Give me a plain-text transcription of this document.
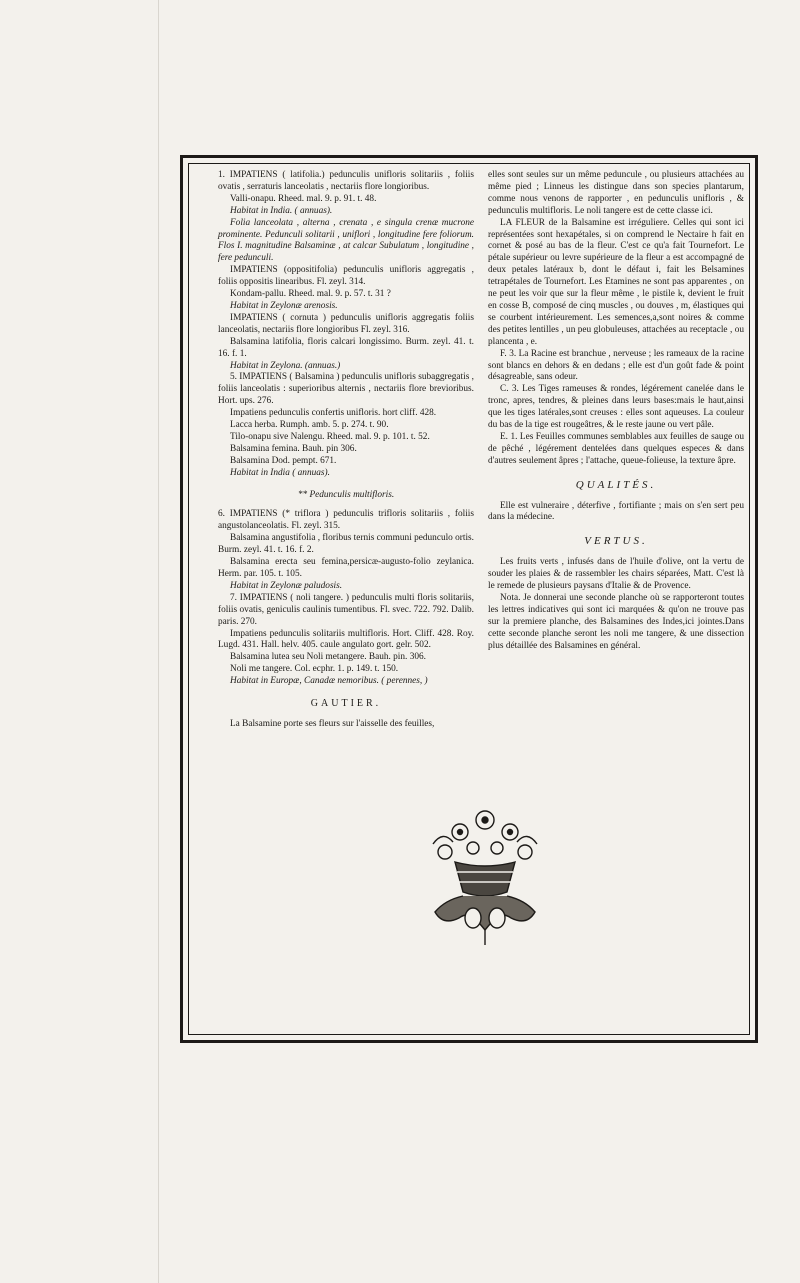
1. IMPATIENS ( latifolia.) pedunculis unifloris solitariis , foliis ovatis , serraturis lanceolatis , nectariis flore longioribus.

Valli-onapu. Rheed. mal. 9. p. 91. t. 48.

Habitat in India. ( annuas).

Folia lanceolata , alterna , crenata , e singula crenæ mucrone prominente. Pedunculi solitarii , uniflori , longitudine fere foliorum. Flos I. magnitudine Balsaminæ , at calcar Subulatum , longitudine , fere pedunculi.

IMPATIENS (oppositifolia) pedunculis unifloris aggregatis , foliis oppositis linearibus. Fl. zeyl. 314.

Kondam-pallu. Rheed. mal. 9. p. 57. t. 31 ?

Habitat in Zeylonæ arenosis.

IMPATIENS ( cornuta ) pedunculis unifloris aggregatis foliis lanceolatis, nectariis flore longioribus Fl. zeyl. 316.

Balsamina latifolia, floris calcari longissimo. Burm. zeyl. 41. t. 16. f. 1.

Habitat in Zeylona. (annuas.)

5. IMPATIENS ( Balsamina ) pedunculis unifloris subaggregatis , foliis lanceolatis : superioribus alternis , nectariis flore brevioribus. Hort. ups. 276.

Impatiens pedunculis confertis unifloris. hort cliff. 428.

Lacca herba. Rumph. amb. 5. p. 274. t. 90.

Tilo-onapu sive Nalengu. Rheed. mal. 9. p. 101. t. 52.

Balsamina femina. Bauh. pin 306.

Balsamina Dod. pempt. 671.

Habitat in India ( annuas).

** Pedunculis multifloris.

6. IMPATIENS (* triflora ) pedunculis trifloris solitariis , foliis angustolanceolatis. Fl. zeyl. 315.

Balsamina angustifolia , floribus ternis communi pedunculo ortis. Burm. zeyl. 41. t. 16. f. 2.

Balsamina erecta seu femina,persicæ-augusto-folio zeylanica. Herm. par. 105. t. 105.

Habitat in Zeylonæ paludosis.

7. IMPATIENS ( noli tangere. ) pedunculis multi floris solitariis, foliis ovatis, geniculis caulinis tumentibus. Fl. svec. 722. 792. Dalib. paris. 270.

Impatiens pedunculis solitariis multifloris. Hort. Cliff. 428. Roy. Lugd. 431. Hall. helv. 405. caule angulato gort. gelr. 502.

Balsamina lutea seu Noli metangere. Bauh. pin. 306.

Noli me tangere. Col. ecphr. 1. p. 149. t. 150.

Habitat in Europæ, Canadæ nemoribus. ( perennes, )

GAUTIER.

La Balsamine porte ses fleurs sur l'aisselle des feuilles,

elles sont seules sur un même peduncule , ou plusieurs attachées au même pied ; Linneus les distingue dans son species plantarum, comme nous venons de rapporter , en pedunculis unifloris , & pedunculis multifloris. Le noli tangere est de cette classe ici.

LA FLEUR de la Balsamine est irréguliere. Celles qui sont ici représentées sont hexapétales, si on comprend le Nectaire h fait en cornet & posé au bas de la fleur. C'est ce qu'a fait Tournefort. Le pétale supérieur ou levre supérieure de la fleur a est accompagné de deux petales latéraux b, dont le défaut i, fait les Belsamines tetrapétales de Tournefort. Les Etamines ne sont pas apparentes , on ne peut les voir que sur la fleur même , le pistile k, devient le fruit en cosse B, composé de cinq muscles , ou douves , m, élastiques qui se courbent intérieurement. Les semences,a,sont noires & comme des petites lentilles , un peu globuleuses, attachées au receptacle , ou plancenta , e.

F. 3. La Racine est branchue , nerveuse ; les rameaux de la racine sont blancs en dehors & en dedans ; elle est d'un goût fade & point désagreable, sans odeur.

C. 3. Les Tiges rameuses & rondes, légérement canelée dans le tronc, apres, tendres, & pleines dans leurs bases:mais le haut,ainsi que les tiges latérales,sont creuses : elles sont aqueuses. La couleur du bas de la tige est rougeâtres, & le reste jaune ou vert pâle.

E. 1. Les Feuilles communes semblables aux feuilles de sauge ou de pêché , légérement dentelées dans quelques especes & dans d'autres seulement âpres ; l'attache, queue-folieuse, la texture âpre.

QUALITÉS.

Elle est vulneraire , déterfive , fortifiante ; mais on s'en sert peu dans la médecine.

VERTUS.

Les fruits verts , infusés dans de l'huile d'olive, ont la vertu de souder les plaies & de rassembler les chairs séparées, Matt. C'est là le remede de plusieurs paysans d'Italie & de Provence.

Nota. Je donnerai une seconde planche où se rapporteront toutes les lettres indicatives qui sont ici marquées & qu'on ne trouve pas sur la premiere planche, des Balsamines des Indes,ici jointes.Dans cette seconde planche seront les noli me tangere, & une dissection plus détaillée des Balsamines en général.
